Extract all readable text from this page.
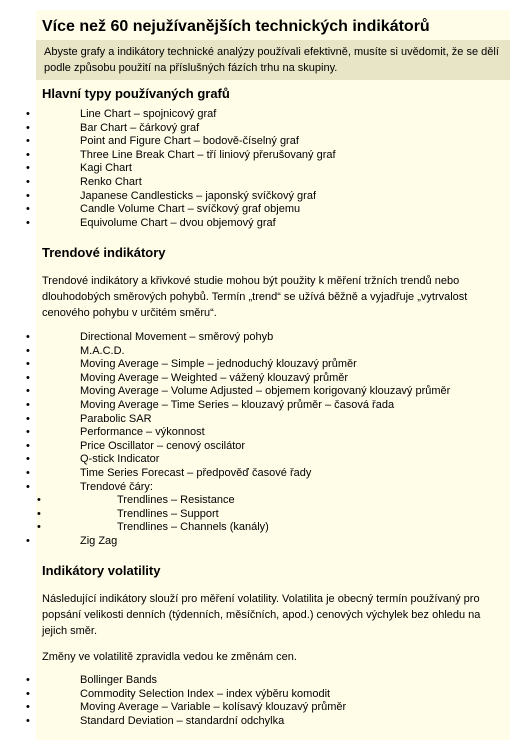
Více než 60 nejužívanějších technických indikátorů
Abyste grafy a indikátory technické analýzy používali efektivně, musíte si uvědomit, že se dělí podle způsobu použití na příslušných fázích trhu na skupiny.
Hlavní typy používaných grafů
•	Line Chart – spojnicový graf
•	Bar Chart – čárkový graf
•	Point and Figure Chart – bodově-číselný graf
•	Three Line Break Chart – tří liniový přerušovaný graf
•	Kagi Chart
•	Renko Chart
•	Japanese Candlesticks – japonský svíčkový graf
•	Candle Volume Chart – svíčkový graf objemu
•	Equivolume Chart – dvou objemový graf
Trendové indikátory
Trendové indikátory a křivkové studie mohou být použity k měření tržních trendů nebo dlouhodobých směrových pohybů. Termín „trend“ se užívá běžně a vyjadřuje „vytrvalost cenového pohybu v určitém směru“.
•	Directional Movement – směrový pohyb
•	M.A.C.D.
•	Moving Average – Simple – jednoduchý klouzavý průměr
•	Moving Average – Weighted – vážený klouzavý průměr
•	Moving Average – Volume Adjusted – objemem korigovaný klouzavý průměr
•	Moving Average – Time Series – klouzavý průměr – časová řada
•	Parabolic SAR
•	Performance – výkonnost
•	Price Oscillator – cenový oscilátor
•	Q-stick Indicator
•	Time Series Forecast – předpověď časové řady
•	Trendové čáry:
•	Trendlines – Resistance
•	Trendlines – Support
•	Trendlines – Channels (kanály)
•	Zig Zag
Indikátory volatility
Následující indikátory slouží pro měření volatility. Volatilita je obecný termín používaný pro popsání velikosti denních (týdenních, měsíčních, apod.) cenových výchylek bez ohledu na jejich směr.
Změny ve volatilitě zpravidla vedou ke změnám cen.
•	Bollinger Bands
•	Commodity Selection Index – index výběru komodit
•	Moving Average – Variable – kolísavý klouzavý průměr
•	Standard Deviation – standardní odchylka
